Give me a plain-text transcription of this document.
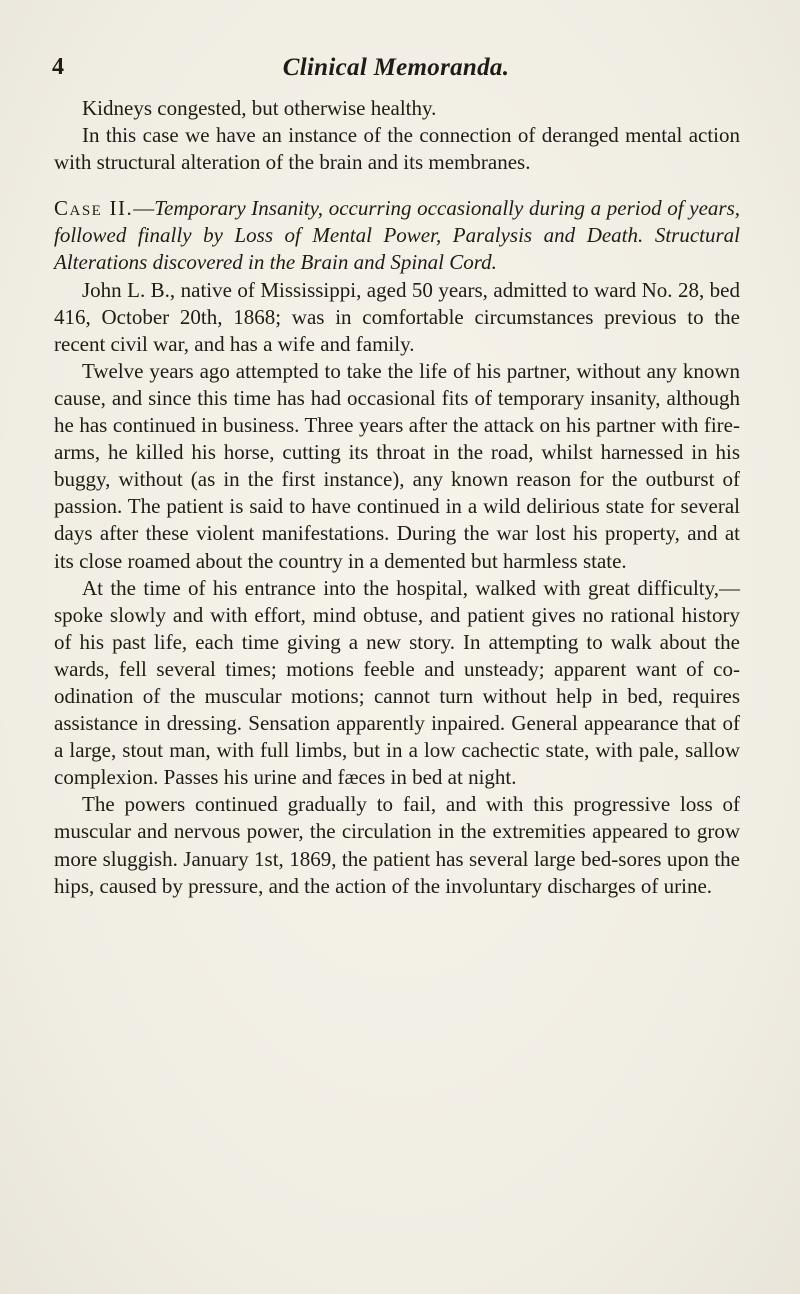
4	Clinical Memoranda.

Kidneys congested, but otherwise healthy.

In this case we have an instance of the connection of deranged mental action with structural alteration of the brain and its membranes.

Case II.—Temporary Insanity, occurring occasionally during a period of years, followed finally by Loss of Mental Power, Paralysis and Death. Structural Alterations discovered in the Brain and Spinal Cord.

John L. B., native of Mississippi, aged 50 years, admitted to ward No. 28, bed 416, October 20th, 1868; was in comfortable circumstances previous to the recent civil war, and has a wife and family.

Twelve years ago attempted to take the life of his partner, without any known cause, and since this time has had occasional fits of temporary insanity, although he has continued in business. Three years after the attack on his partner with fire-arms, he killed his horse, cutting its throat in the road, whilst harnessed in his buggy, without (as in the first instance), any known reason for the outburst of passion. The patient is said to have continued in a wild delirious state for several days after these violent manifestations. During the war lost his property, and at its close roamed about the country in a demented but harmless state.

At the time of his entrance into the hospital, walked with great difficulty,—spoke slowly and with effort, mind obtuse, and patient gives no rational history of his past life, each time giving a new story. In attempting to walk about the wards, fell several times; motions feeble and unsteady; apparent want of co-odination of the muscular motions; cannot turn without help in bed, requires assistance in dressing. Sensation apparently inpaired. General appearance that of a large, stout man, with full limbs, but in a low cachectic state, with pale, sallow complexion. Passes his urine and fæces in bed at night.

The powers continued gradually to fail, and with this progressive loss of muscular and nervous power, the circulation in the extremities appeared to grow more sluggish. January 1st, 1869, the patient has several large bed-sores upon the hips, caused by pressure, and the action of the involuntary discharges of urine.
